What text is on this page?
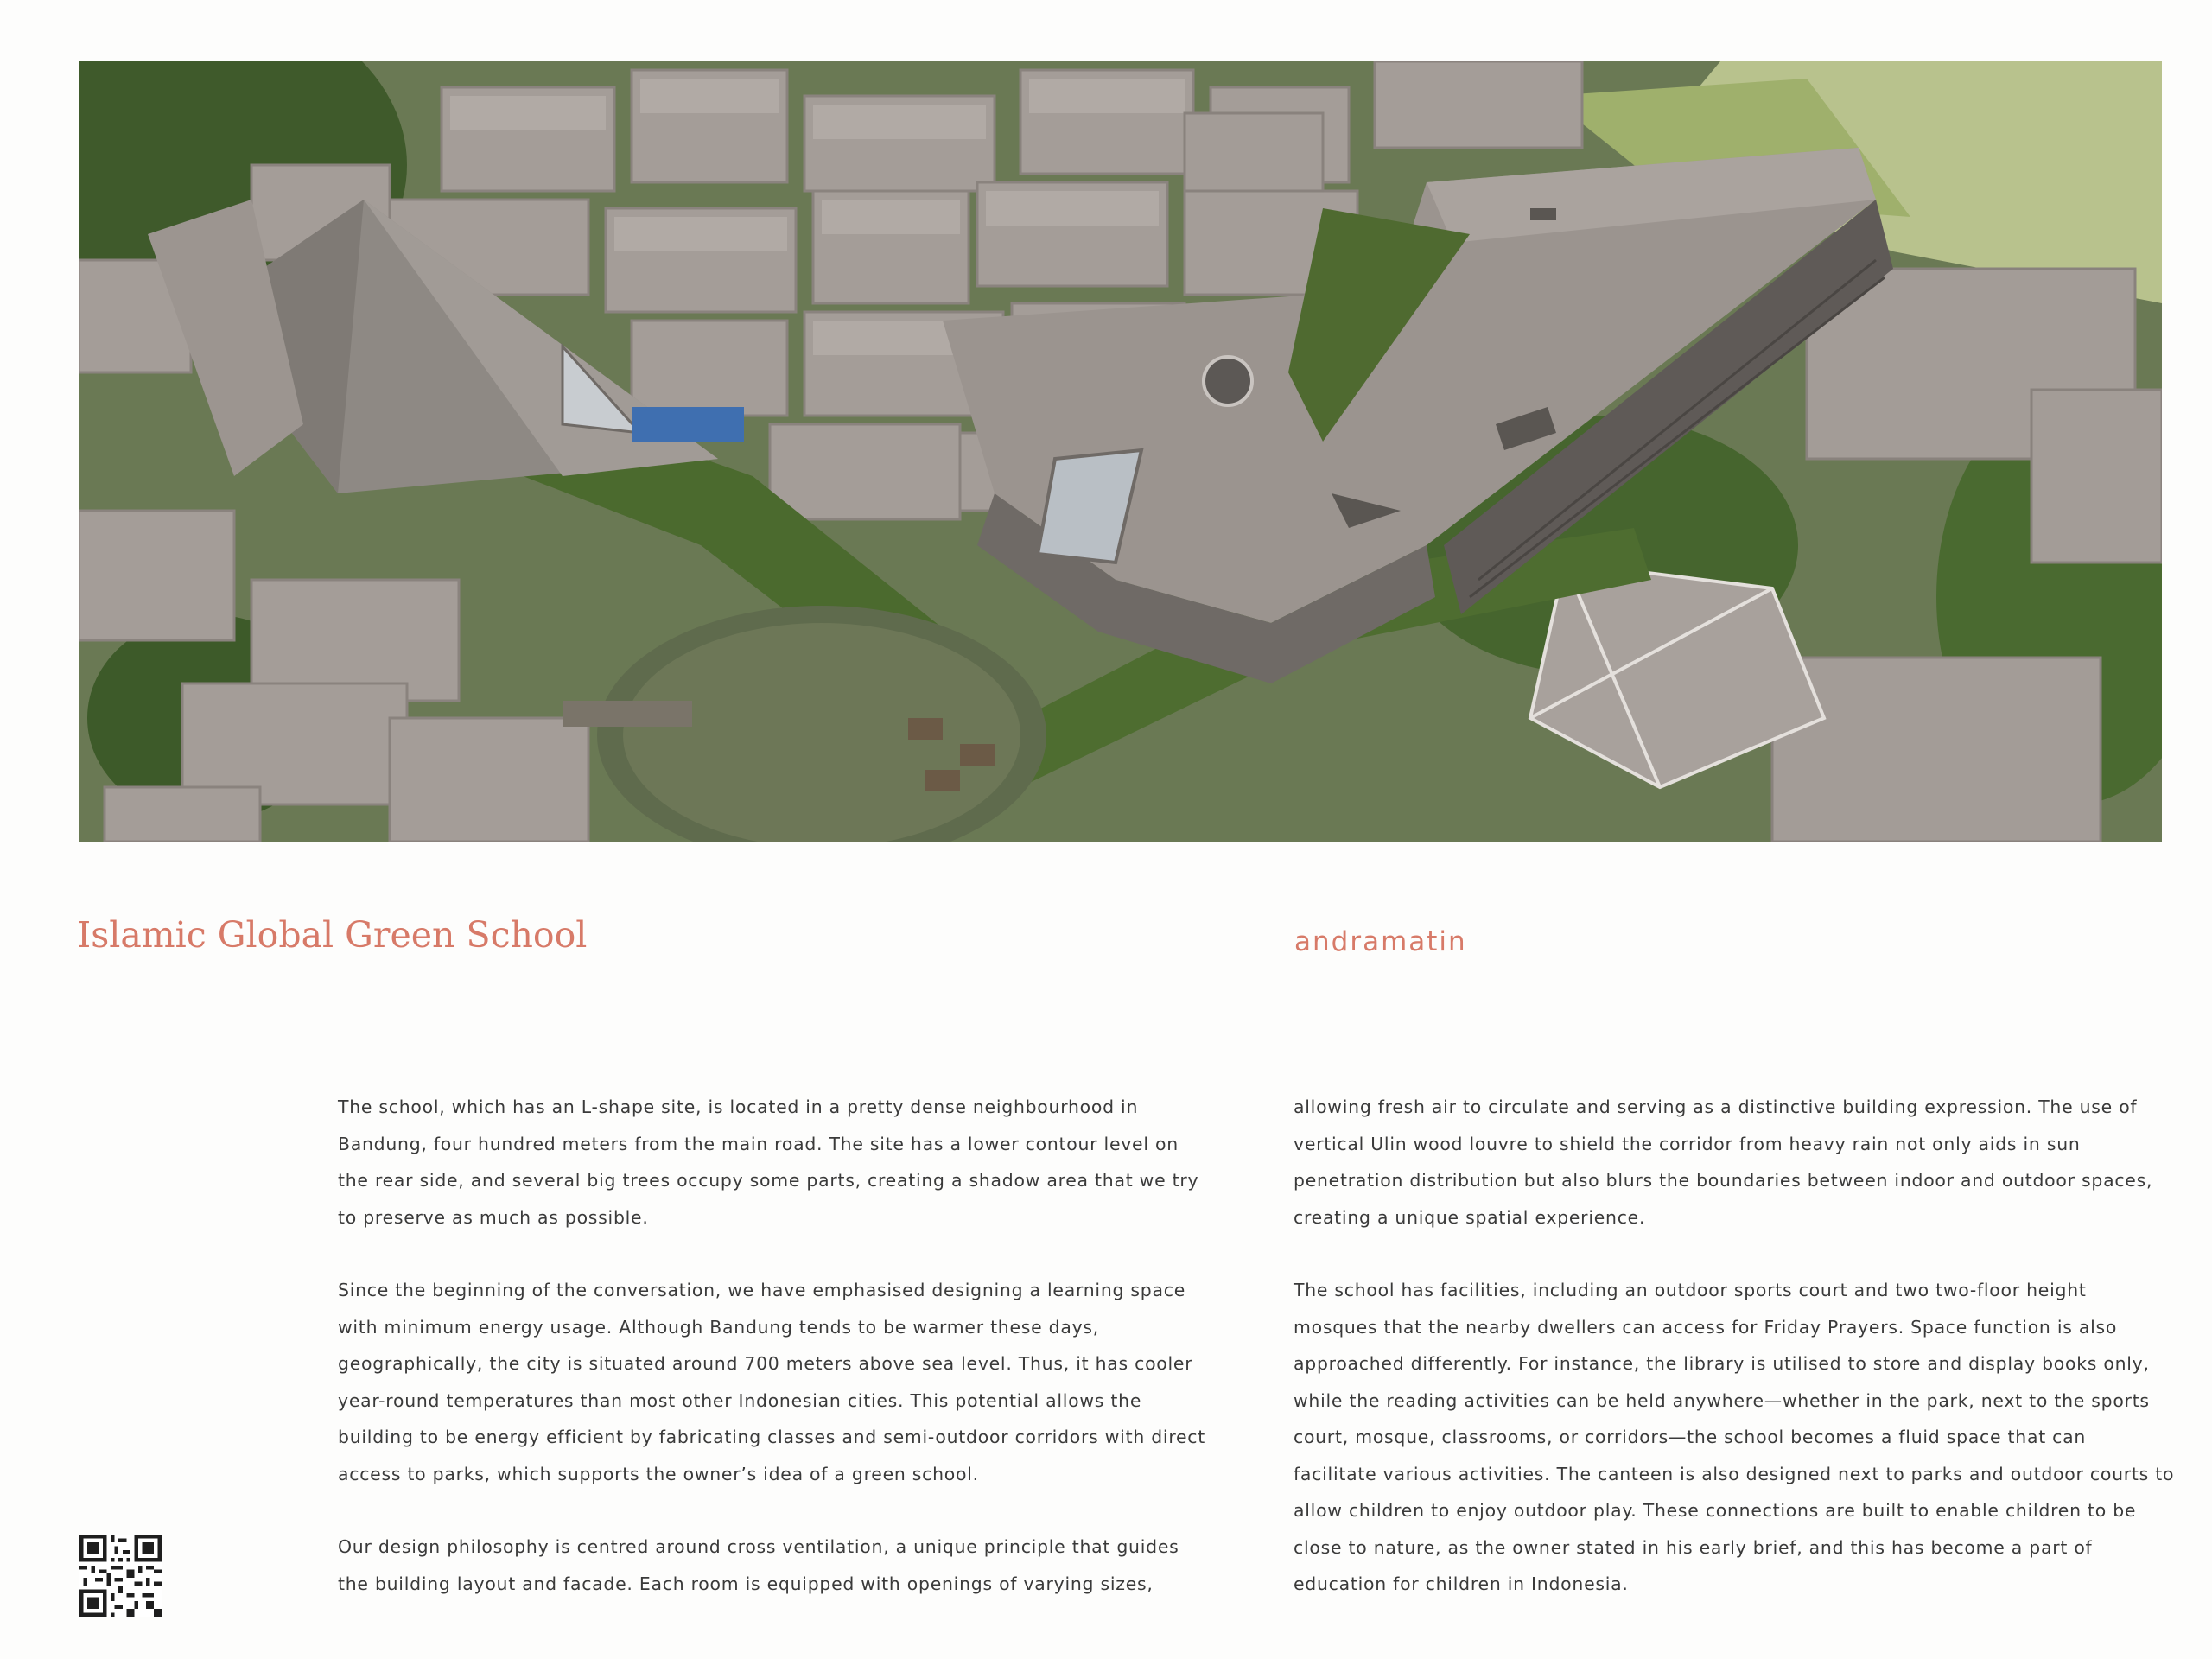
Islamic Global Green School	andramatin

The school, which has an L-shape site, is located in a pretty dense neighbourhood in Bandung, four hundred meters from the main road. The site has a lower contour level on the rear side, and several big trees occupy some parts, creating a shadow area that we try to preserve as much as possible.

Since the beginning of the conversation, we have emphasised designing a learning space with minimum energy usage. Although Bandung tends to be warmer these days, geographically, the city is situated around 700 meters above sea level. Thus, it has cooler year-round temperatures than most other Indonesian cities. This potential allows the building to be energy efficient by fabricating classes and semi-outdoor corridors with direct access to parks, which supports the owner’s idea of a green school.

Our design philosophy is centred around cross ventilation, a unique principle that guides the building layout and facade. Each room is equipped with openings of varying sizes,

allowing fresh air to circulate and serving as a distinctive building expression. The use of vertical Ulin wood louvre to shield the corridor from heavy rain not only aids in sun penetration distribution but also blurs the boundaries between indoor and outdoor spaces, creating a unique spatial experience.

The school has facilities, including an outdoor sports court and two two-floor height mosques that the nearby dwellers can access for Friday Prayers. Space function is also approached differently. For instance, the library is utilised to store and display books only, while the reading activities can be held anywhere—whether in the park, next to the sports court, mosque, classrooms, or corridors—the school becomes a fluid space that can facilitate various activities. The canteen is also designed next to parks and outdoor courts to allow children to enjoy outdoor play. These connections are built to enable children to be close to nature, as the owner stated in his early brief, and this has become a part of education for children in Indonesia.
